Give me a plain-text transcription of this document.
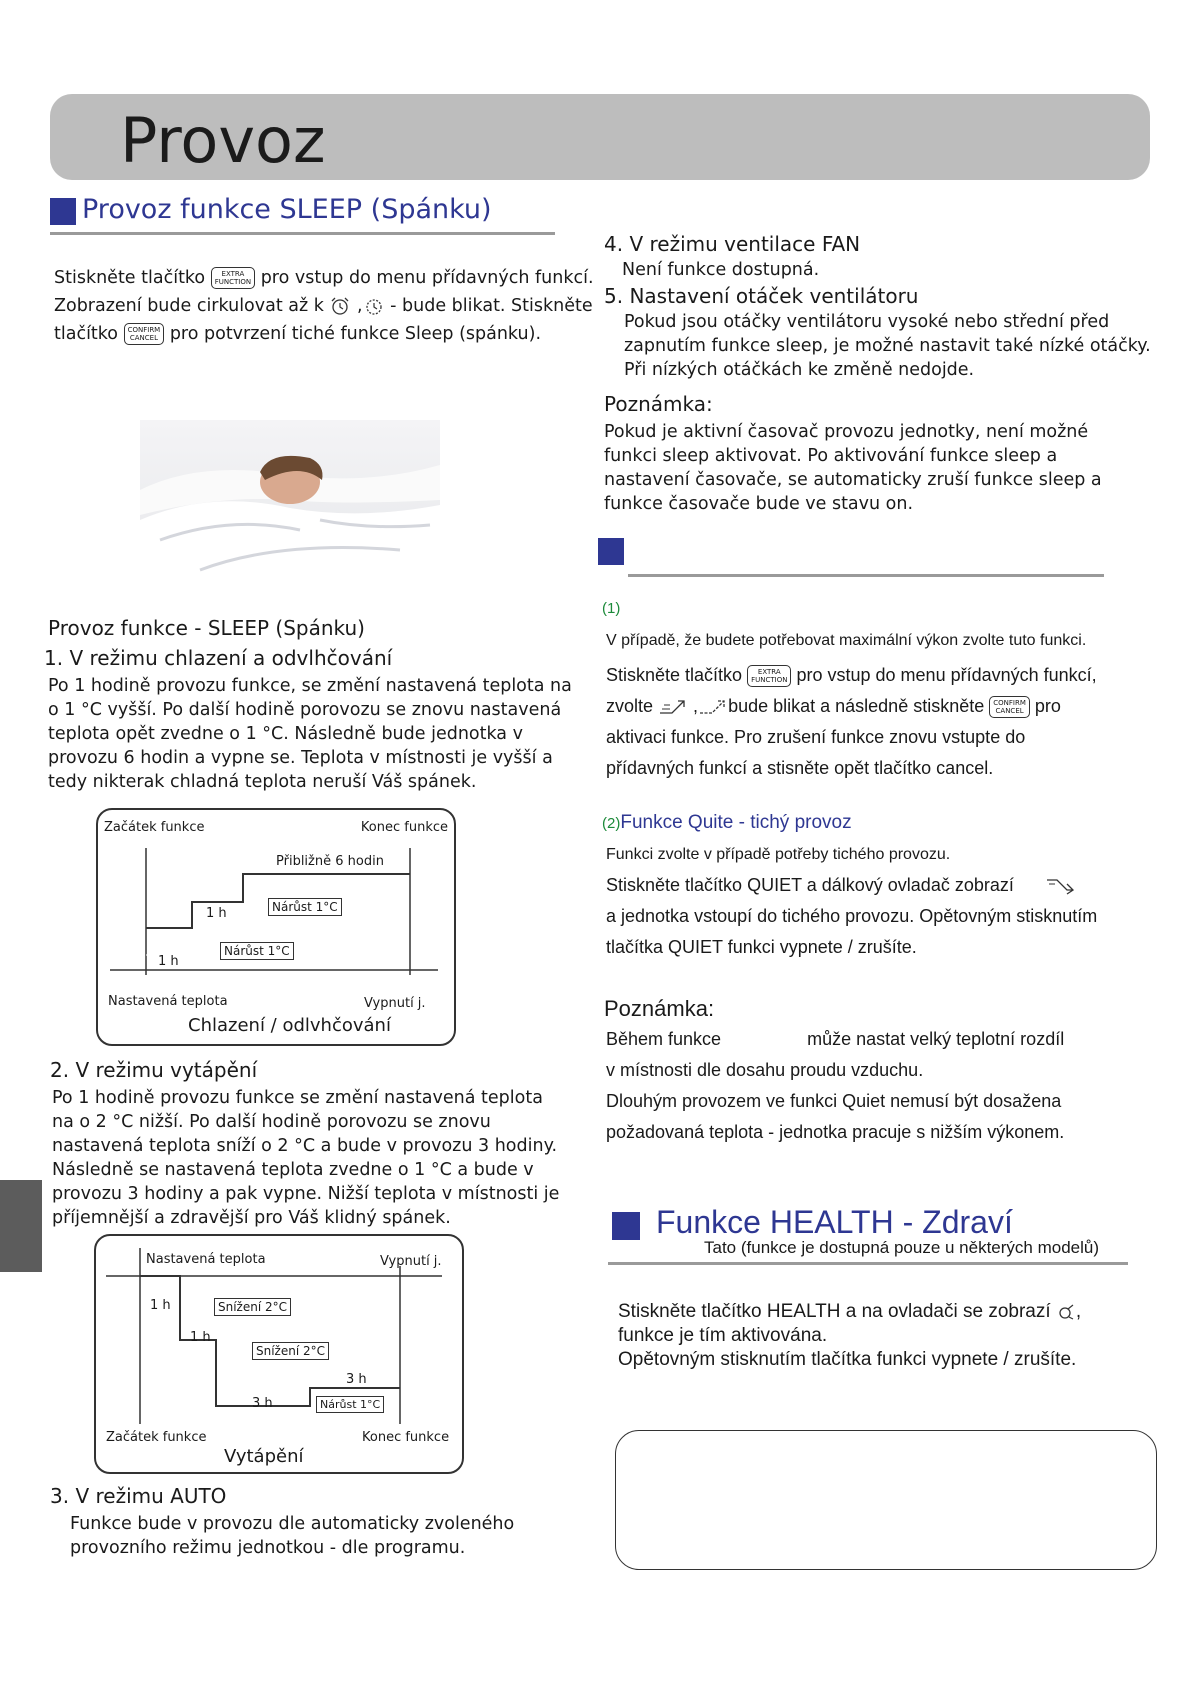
Provoz
Provoz funkce SLEEP (Spánku)
Stiskněte tlačítko EXTRA
FUNCTION pro vstup do menu přídavných funkcí.
Zobrazení bude cirkulovat až k  , - bude blikat. Stiskněte
tlačítko CONFIRM
CANCEL pro potvrzení tiché funkce Sleep (spánku).
Provoz funkce - SLEEP (Spánku)
1. V režimu chlazení a odvlhčování
Po 1 hodině provozu funkce, se změní nastavená teplota na o 1 °C vyšší. Po další hodině porovozu se znovu nastavená teplota opět zvedne o 1 °C. Následně bude jednotka v provozu 6 hodin a vypne se. Teplota v místnosti je vyšší a tedy nikterak chladná teplota neruší Váš spánek.
Začátek funkce	Konec funkce
Přibližně 6 hodin
1 h	Nárůst 1°C
1 h
Nárůst 1°C
Nastavená teplota	Vypnutí j.
Chlazení / odlvhčování
2. V režimu vytápění
Po 1 hodině provozu funkce se změní nastavená teplota na o 2 °C nižší. Po další hodině porovozu se znovu nastavená teplota sníží o 2 °C a bude v provozu 3 hodiny. Následně se nastavená teplota zvedne o 1 °C a bude v provozu 3 hodiny a pak vypne. Nižší teplota v místnosti je příjemnější a zdravější pro Váš klidný spánek.
Nastavená teplota	Vypnutí j.
1 h	Snížení 2°C
1 h
Snížení 2°C
3 h
3 h	Nárůst 1°C
Začátek funkce	Konec funkce
Vytápění
3. V režimu AUTO
Funkce bude v provozu dle automaticky zvoleného provozního režimu jednotkou - dle programu.
4. V režimu ventilace FAN
Není funkce dostupná.
5. Nastavení otáček ventilátoru
Pokud jsou otáčky ventilátoru vysoké nebo střední před zapnutím funkce sleep, je možné nastavit také nízké otáčky. Při nízkých otáčkách ke změně nedojde.
Poznámka:
Pokud je aktivní časovač provozu jednotky, není možné funkci sleep aktivovat. Po aktivování funkce sleep a nastavení časovače, se automaticky zruší funkce sleep a funkce časovače bude ve stavu on.
(1)
V případě, že budete potřebovat maximální výkon zvolte tuto funkci.
Stiskněte tlačítko EXTRA
FUNCTION pro vstup do menu přídavných funkcí,
zvolte  , bude blikat a následně stiskněte CONFIRM
CANCEL pro
aktivaci funkce. Pro zrušení funkce znovu vstupte do
přídavných funkcí a stisněte opět tlačítko cancel.
(2)Funkce Quite - tichý provoz
Funkci zvolte v případě potřeby tichého provozu.
Stiskněte tlačítko QUIET a dálkový ovladač zobrazí
a jednotka vstoupí do tichého provozu. Opětovným stisknutím
tlačítka QUIET funkci vypnete / zrušíte.
Poznámka:
Během funkce	může nastat velký teplotní rozdíl
v místnosti dle dosahu proudu vzduchu.
Dlouhým provozem ve funkci Quiet nemusí být dosažena
požadovaná teplota - jednotka pracuje s nižším výkonem.
Funkce HEALTH - Zdraví
Tato (funkce je dostupná pouze u některých modelů)
Stiskněte tlačítko HEALTH a na ovladači se zobrazí ,
funkce je tím aktivována.
Opětovným stisknutím tlačítka funkci vypnete / zrušíte.
